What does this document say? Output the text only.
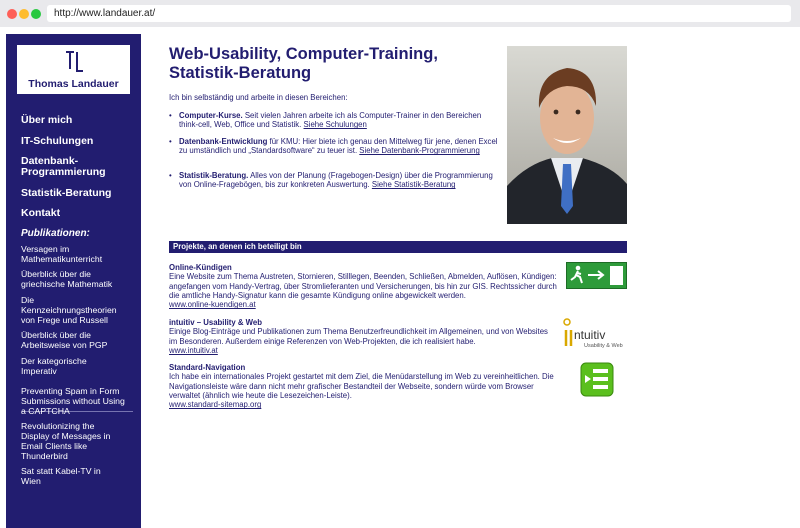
http://www.landauer.at/
Thomas Landauer
Über mich
IT-Schulungen
Datenbank-Programmierung
Statistik-Beratung
Kontakt
Publikationen:
Versagen im Mathematikunterricht
Überblick über die griechische Mathematik
Die Kennzeichnungstheorien von Frege und Russell
Überblick über die Arbeitsweise von PGP
Der kategorische Imperativ
Preventing Spam in Form Submissions without Using a CAPTCHA
Revolutionizing the Display of Messages in Email Clients like Thunderbird
Sat statt Kabel-TV in Wien
Web-Usability, Computer-Training, Statistik-Beratung
Ich bin selbständig und arbeite in diesen Bereichen:
• Computer-Kurse. Seit vielen Jahren arbeite ich als Computer-Trainer in den Bereichen think-cell, Web, Office und Statistik. Siehe Schulungen
• Datenbank-Entwicklung für KMU: Hier biete ich genau den Mittelweg für jene, denen Excel zu umständlich und „Standardsoftware“ zu teuer ist. Siehe Datenbank-Programmierung
• Statistik-Beratung. Alles von der Planung (Fragebogen-Design) über die Programmierung von Online-Fragebögen, bis zur konkreten Auswertung. Siehe Statistik-Beratung
Projekte, an denen ich beteiligt bin
Online-Kündigen
Eine Website zum Thema Austreten, Stornieren, Stilllegen, Beenden, Schließen, Abmelden, Auflösen, Kündigen: angefangen vom Handy-Vertrag, über Stromlieferanten und Versicherungen, bis hin zur GIS. Rechtssicher durch die amtliche Handy-Signatur kann die gesamte Kündigung online abgewickelt werden.
www.online-kuendigen.at
intuitiv – Usability & Web
Einige Blog-Einträge und Publikationen zum Thema Benutzerfreundlichkeit im Allgemeinen, und von Websites im Besonderen. Außerdem einige Referenzen von Web-Projekten, die ich realisiert habe.
www.intuitiv.at
Standard-Navigation
Ich habe ein internationales Projekt gestartet mit dem Ziel, die Menüdarstellung im Web zu vereinheitlichen. Die Navigationsleiste wäre dann nicht mehr grafischer Bestandteil der Webseite, sondern würde vom Browser verwaltet (ähnlich wie heute die Lesezeichen-Leiste).
www.standard-sitemap.org
ntuitiv
Usability & Web
